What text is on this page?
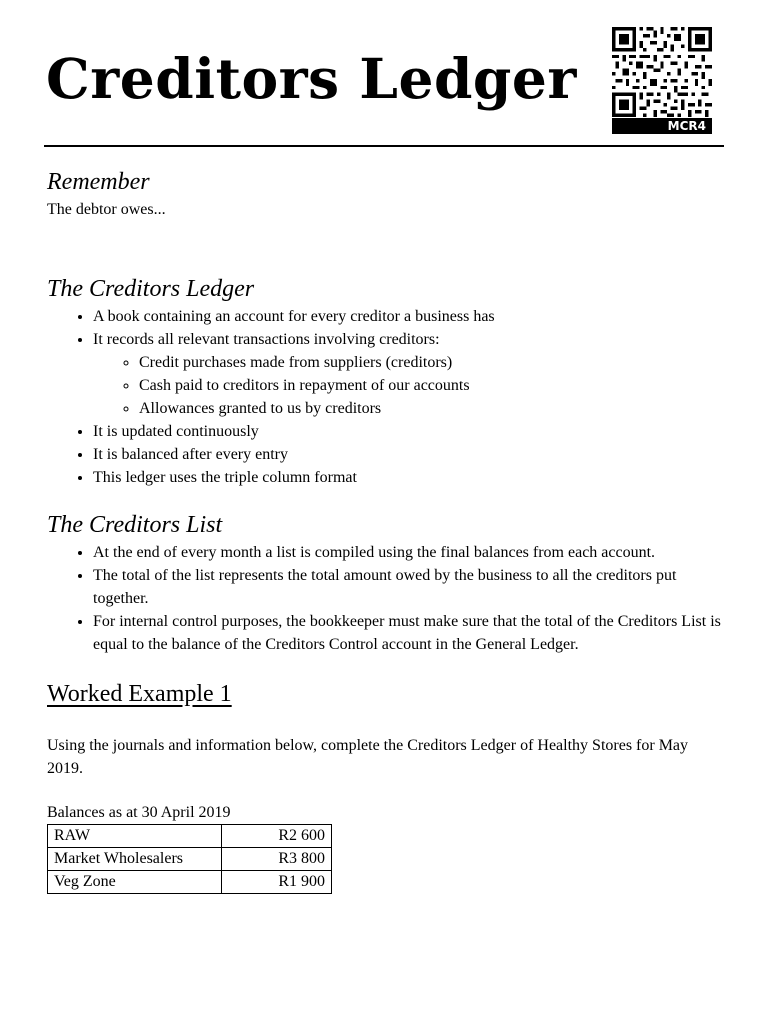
Creditors Ledger
MCR4
Remember

The debtor owes...

The Creditors Ledger
• A book containing an account for every creditor a business has
• It records all relevant transactions involving creditors:
◦ Credit purchases made from suppliers (creditors)
◦ Cash paid to creditors in repayment of our accounts
◦ Allowances granted to us by creditors
• It is updated continuously
• It is balanced after every entry
• This ledger uses the triple column format
The Creditors List
• At the end of every month a list is compiled using the final balances from each account.
• The total of the list represents the total amount owed by the business to all the creditors put together.
• For internal control purposes, the bookkeeper must make sure that the total of the Creditors List is equal to the balance of the Creditors Control account in the General Ledger.
Worked Example 1

Using the journals and information below, complete the Creditors Ledger of Healthy Stores for May 2019.

Balances as at 30 April 2019

RAW	R2 600
Market Wholesalers	R3 800
Veg Zone	R1 900
